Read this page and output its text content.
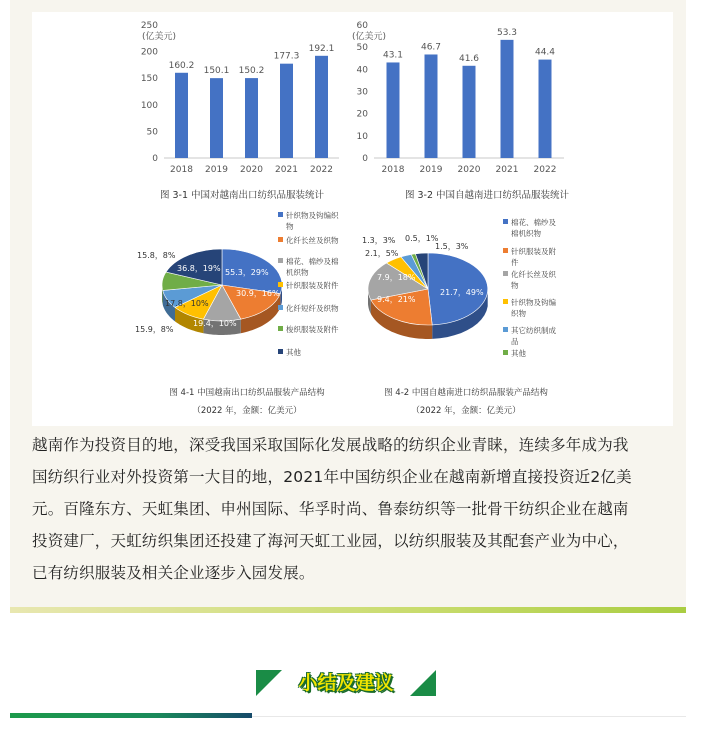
0
50
100
150
200
250
(亿美元)
160.2
2018
150.1
2019
150.2
2020
177.3
2021
192.1
2022
图 3-1 中国对越南出口纺织品服装统计
0
10
20
30
40
50
60
(亿美元)
43.1
2018
46.7
2019
41.6
2020
53.3
2021
44.4
2022
图 3-2 中国自越南进口纺织品服装统计
55.3，29%
30.9，16%
19.4，10%
17.8，10%
15.9，8%
15.8，8%
36.8，19%
针织物及钩编织
物
化纤长丝及织物
棉花、棉纱及棉
机织物
针织服装及附件
化纤短纤及织物
梭织服装及附件
其他
图 4-1 中国越南出口纺织品服装产品结构
（2022 年，金额：亿美元）
21.7，49%
9.4，21%
7.9，18%
2.1，5%
1.3，3% 0.5，1%
1.5，3%
棉花、棉纱及
棉机织物
针织服装及附
件
化纤长丝及织
物
针织物及钩编
织物
其它纺织制成
品
其他
图 4-2 中国自越南进口纺织品服装产品结构
（2022 年，金额：亿美元）

越南作为投资目的地，深受我国采取国际化发展战略的纺织企业青睐，连续多年成为我

国纺织行业对外投资第一大目的地，2021年中国纺织企业在越南新增直接投资近2亿美

元。百隆东方、天虹集团、申州国际、华孚时尚、鲁泰纺织等一批骨干纺织企业在越南

投资建厂，天虹纺织集团还投建了海河天虹工业园，以纺织服装及其配套产业为中心，

已有纺织服装及相关企业逐步入园发展。

小结及建议
